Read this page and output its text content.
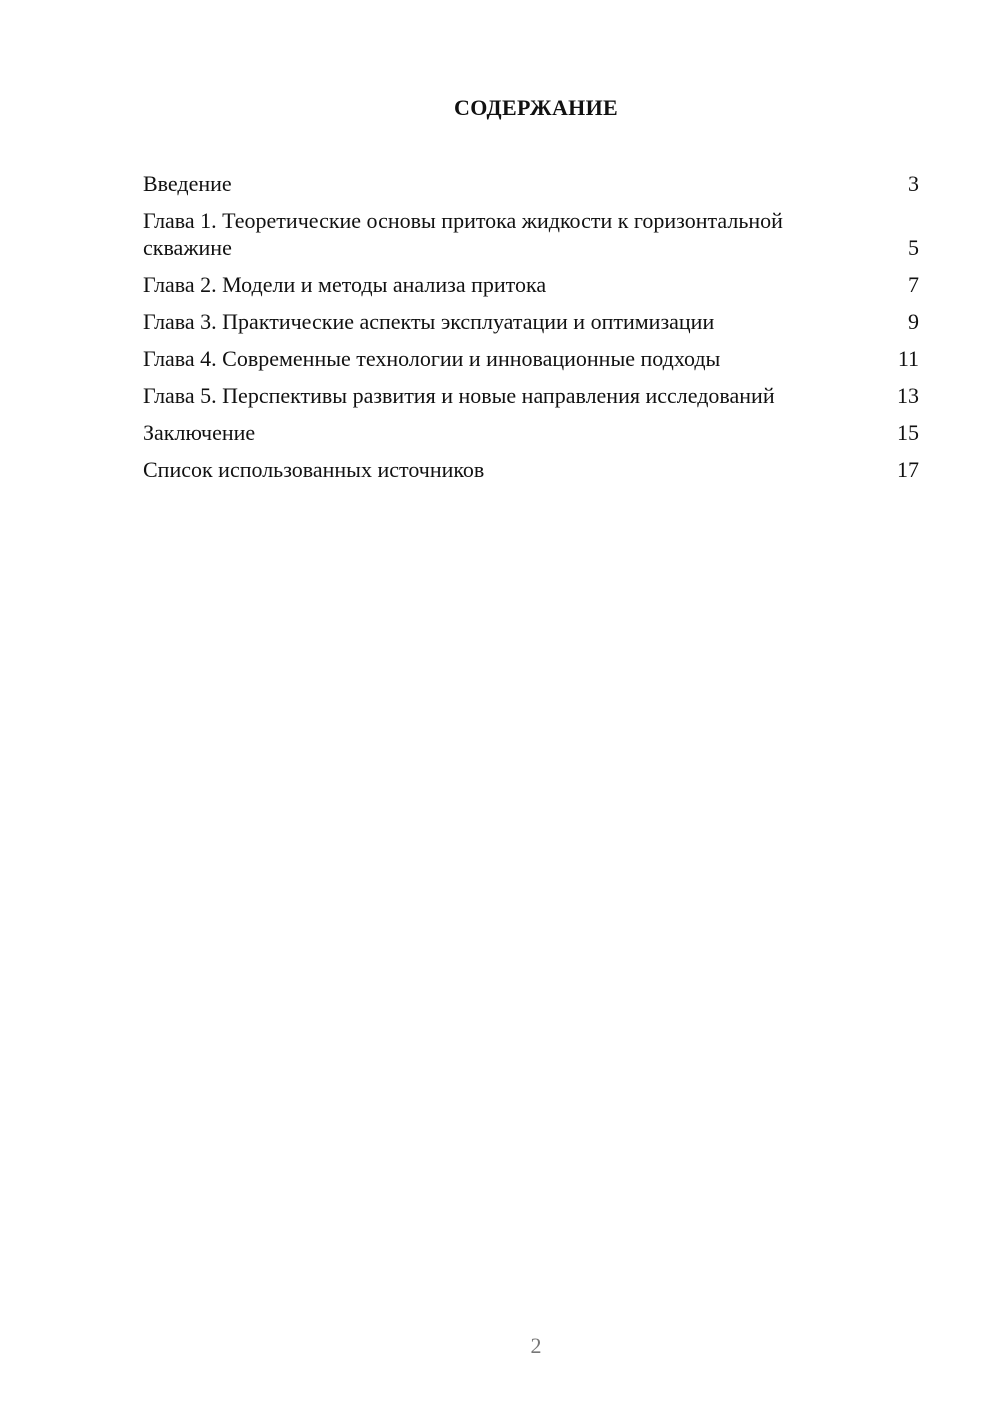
СОДЕРЖАНИЕ
Введение	3
Глава 1. Теоретические основы притока жидкости к горизонтальной скважине	5
Глава 2. Модели и методы анализа притока	7
Глава 3. Практические аспекты эксплуатации и оптимизации	9
Глава 4. Современные технологии и инновационные подходы	11
Глава 5. Перспективы развития и новые направления исследований	13
Заключение	15
Список использованных источников	17
2
